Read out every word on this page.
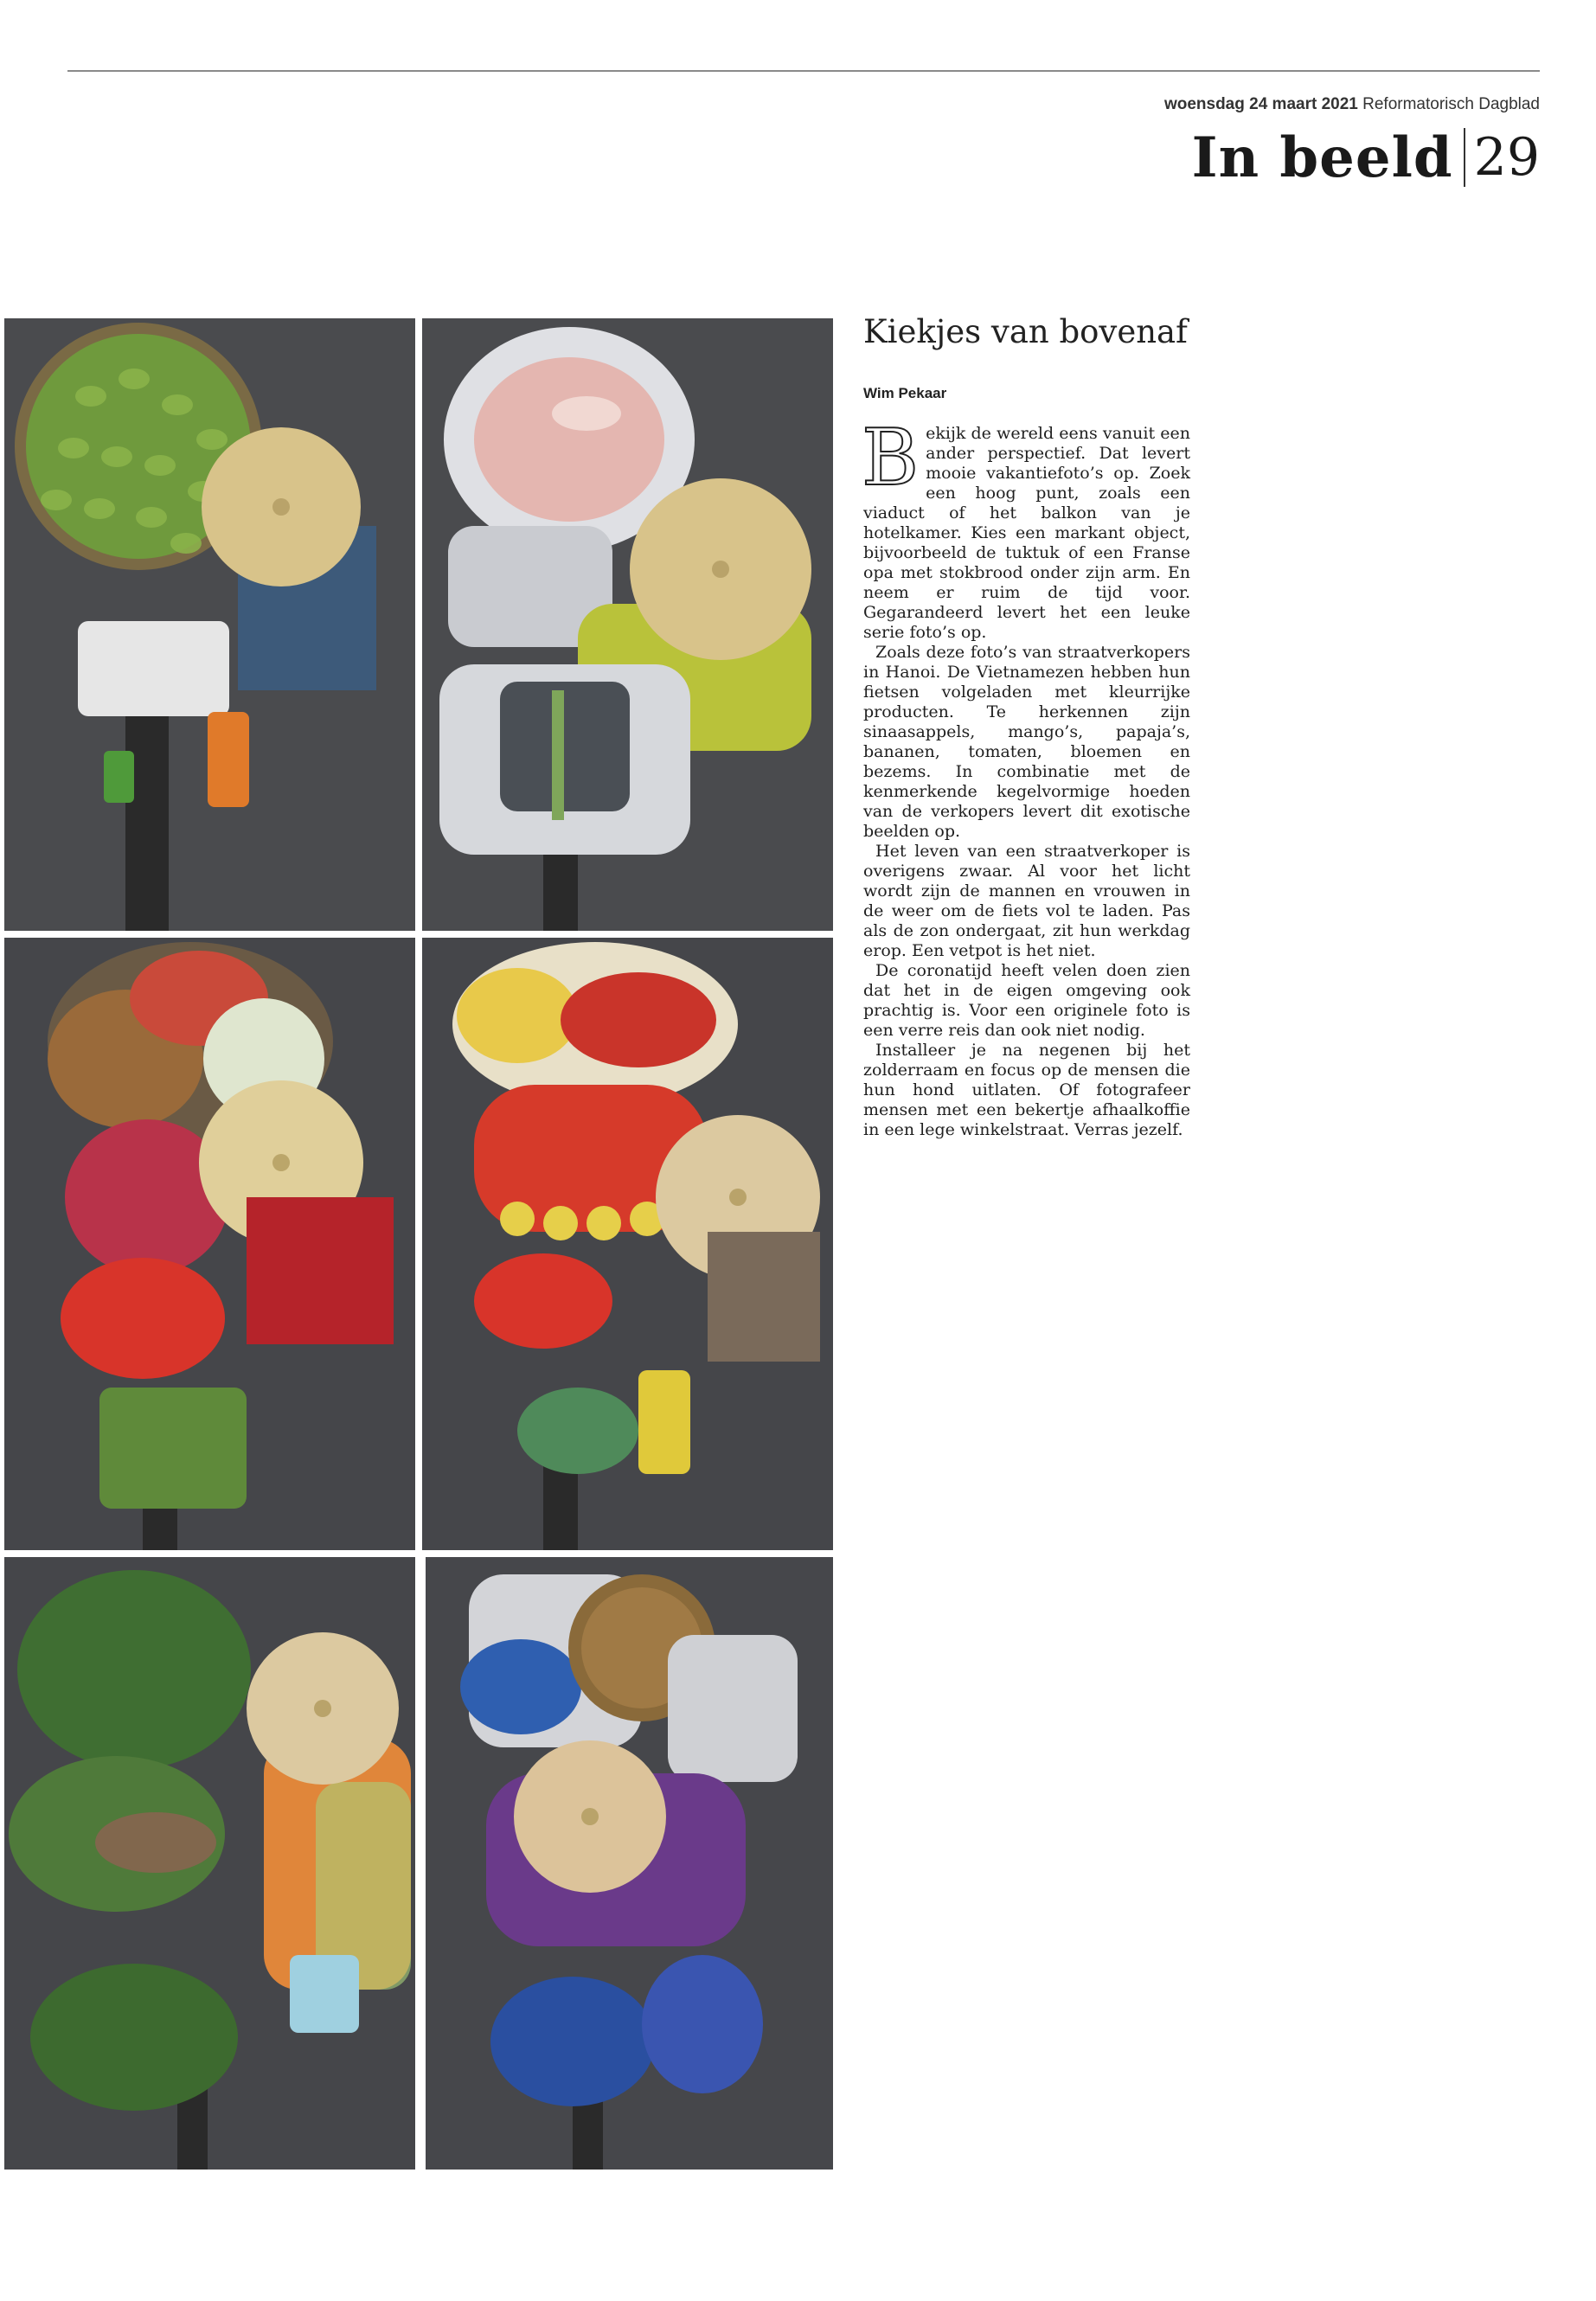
woensdag 24 maart 2021 Reformatorisch Dagblad
In beeld 29
Kiekjes van bovenaf
Wim Pekaar

Bekijk de wereld eens vanuit een ander perspectief. Dat levert mooie vakantiefoto’s op. Zoek een hoog punt, zoals een viaduct of het balkon van je hotelkamer. Kies een markant object, bijvoorbeeld de tuktuk of een Franse opa met stokbrood onder zijn arm. En neem er ruim de tijd voor. Gegarandeerd levert het een leuke serie foto’s op.

Zoals deze foto’s van straatverkopers in Hanoi. De Vietnamezen hebben hun fietsen volgeladen met kleurrijke producten. Te herkennen zijn sinaasappels, mango’s, papaja’s, bananen, tomaten, bloemen en bezems. In combinatie met de kenmerkende kegelvormige hoeden van de verkopers levert dit exotische beelden op.

Het leven van een straatverkoper is overigens zwaar. Al voor het licht wordt zijn de mannen en vrouwen in de weer om de fiets vol te laden. Pas als de zon ondergaat, zit hun werkdag erop. Een vetpot is het niet.

De coronatijd heeft velen doen zien dat het in de eigen omgeving ook prachtig is. Voor een originele foto is een verre reis dan ook niet nodig.

Installeer je na negenen bij het zolderraam en focus op de mensen die hun hond uitlaten. Of fotografeer mensen met een bekertje afhaalkoffie in een lege winkelstraat. Verras jezelf.
